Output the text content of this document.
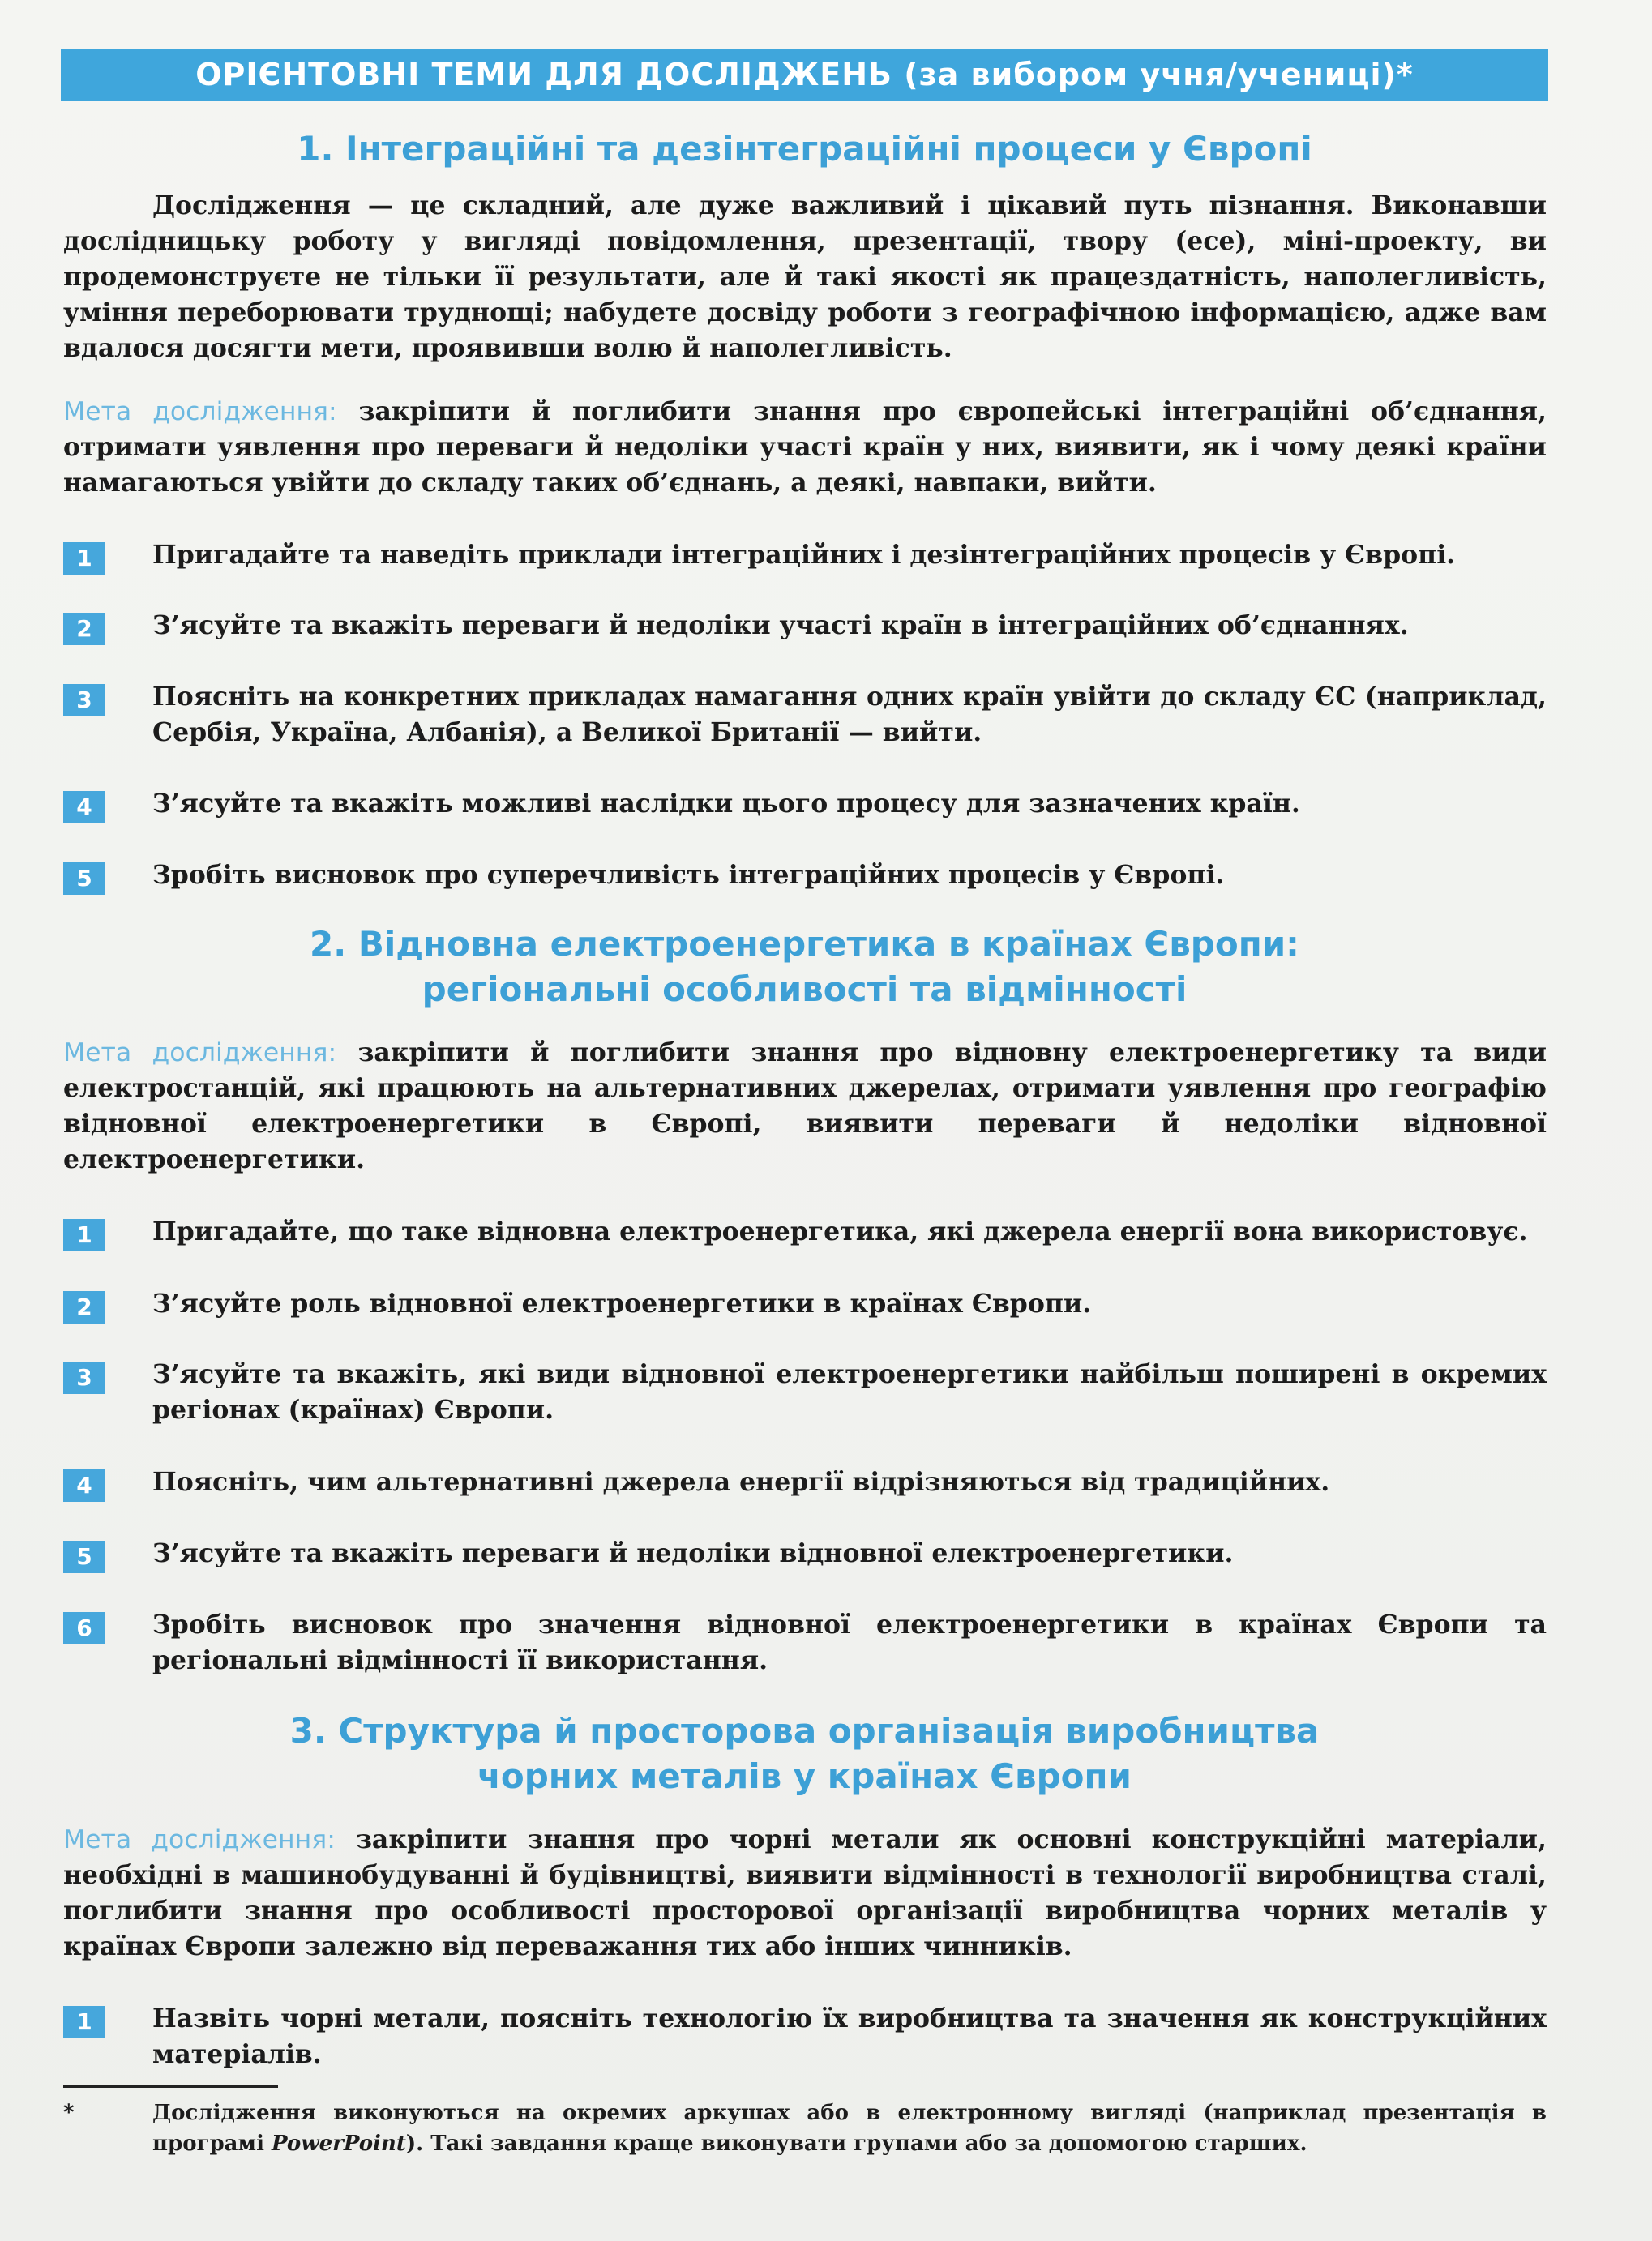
ОРІЄНТОВНІ ТЕМИ ДЛЯ ДОСЛІДЖЕНЬ (за вибором учня/учениці)*
1. Інтеграційні та дезінтеграційні процеси у Європі
Дослідження — це складний, але дуже важливий і цікавий путь пізнання. Виконавши дослідницьку роботу у вигляді повідомлення, презентації, твору (есе), міні-проекту, ви продемонструєте не тільки її результати, але й такі якості як працездатність, наполегливість, уміння переборювати труднощі; набудете досвіду роботи з географічною інформацією, адже вам вдалося досягти мети, проявивши волю й наполегливість.
Мета дослідження: закріпити й поглибити знання про європейські інтеграційні об’єднання, отримати уявлення про переваги й недоліки участі країн у них, виявити, як і чому деякі країни намагаються увійти до складу таких об’єднань, а деякі, навпаки, вийти.
1	Пригадайте та наведіть приклади інтеграційних і дезінтеграційних процесів у Європі.
2	З’ясуйте та вкажіть переваги й недоліки участі країн в інтеграційних об’єднаннях.
3	Поясніть на конкретних прикладах намагання одних країн увійти до складу ЄС (наприклад, Сербія, Україна, Албанія), а Великої Британії — вийти.
4	З’ясуйте та вкажіть можливі наслідки цього процесу для зазначених країн.
5	Зробіть висновок про суперечливість інтеграційних процесів у Європі.
2. Відновна електроенергетика в країнах Європи:
регіональні особливості та відмінності
Мета дослідження: закріпити й поглибити знання про відновну електроенергетику та види електростанцій, які працюють на альтернативних джерелах, отримати уявлення про географію відновної електроенергетики в Європі, виявити переваги й недоліки відновної електроенергетики.
1	Пригадайте, що таке відновна електроенергетика, які джерела енергії вона використовує.
2	З’ясуйте роль відновної електроенергетики в країнах Європи.
3	З’ясуйте та вкажіть, які види відновної електроенергетики найбільш поширені в окремих регіонах (країнах) Європи.
4	Поясніть, чим альтернативні джерела енергії відрізняються від традиційних.
5	З’ясуйте та вкажіть переваги й недоліки відновної електроенергетики.
6	Зробіть висновок про значення відновної електроенергетики в країнах Європи та регіональні відмінності її використання.
3. Структура й просторова організація виробництва
чорних металів у країнах Європи
Мета дослідження: закріпити знання про чорні метали як основні конструкційні матеріали, необхідні в машинобудуванні й будівництві, виявити відмінності в технології виробництва сталі, поглибити знання про особливості просторової організації виробництва чорних металів у країнах Європи залежно від переважання тих або інших чинників.
1	Назвіть чорні метали, поясніть технологію їх виробництва та значення як конструкційних матеріалів.
*	Дослідження виконуються на окремих аркушах або в електронному вигляді (наприклад презентація в програмі PowerPoint). Такі завдання краще виконувати групами або за допомогою старших.
